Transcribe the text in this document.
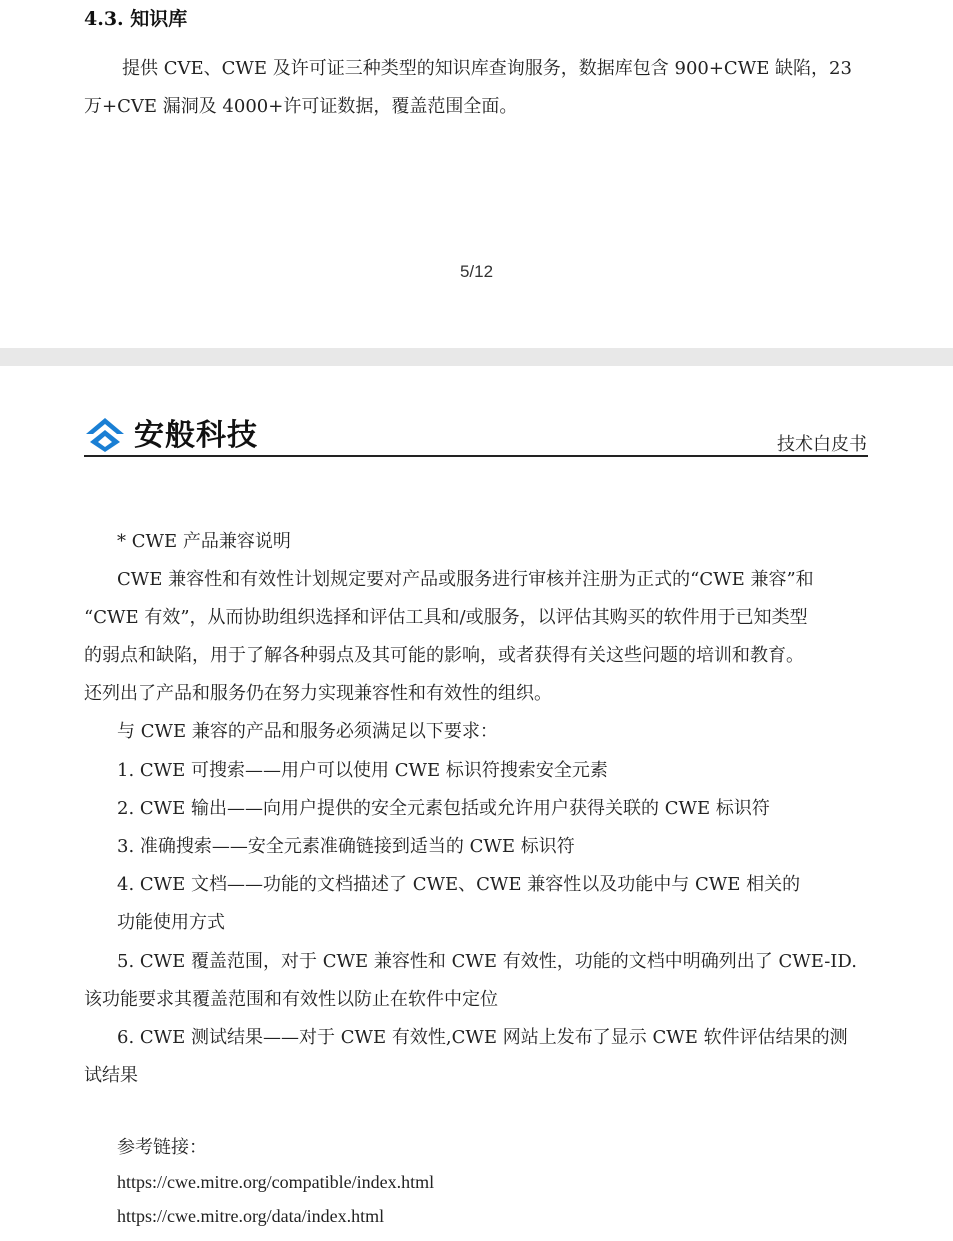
4.3. 知识库
提供 CVE、CWE 及许可证三种类型的知识库查询服务，数据库包含 900+CWE 缺陷，23
万+CVE 漏洞及 4000+许可证数据，覆盖范围全面。
5/12
安般科技	技术白皮书
* CWE 产品兼容说明
CWE 兼容性和有效性计划规定要对产品或服务进行审核并注册为正式的“CWE 兼容”和
“CWE 有效”，从而协助组织选择和评估工具和/或服务，以评估其购买的软件用于已知类型
的弱点和缺陷，用于了解各种弱点及其可能的影响，或者获得有关这些问题的培训和教育。
还列出了产品和服务仍在努力实现兼容性和有效性的组织。
与 CWE 兼容的产品和服务必须满足以下要求：
1. CWE 可搜索——用户可以使用 CWE 标识符搜索安全元素
2. CWE 输出——向用户提供的安全元素包括或允许用户获得关联的 CWE 标识符
3. 准确搜索——安全元素准确链接到适当的 CWE 标识符
4. CWE 文档——功能的文档描述了 CWE、CWE 兼容性以及功能中与 CWE 相关的
功能使用方式
5. CWE 覆盖范围，对于 CWE 兼容性和 CWE 有效性，功能的文档中明确列出了 CWE-ID.
该功能要求其覆盖范围和有效性以防止在软件中定位
6. CWE 测试结果——对于 CWE 有效性,CWE 网站上发布了显示 CWE 软件评估结果的测
试结果
参考链接：
https://cwe.mitre.org/compatible/index.html
https://cwe.mitre.org/data/index.html
